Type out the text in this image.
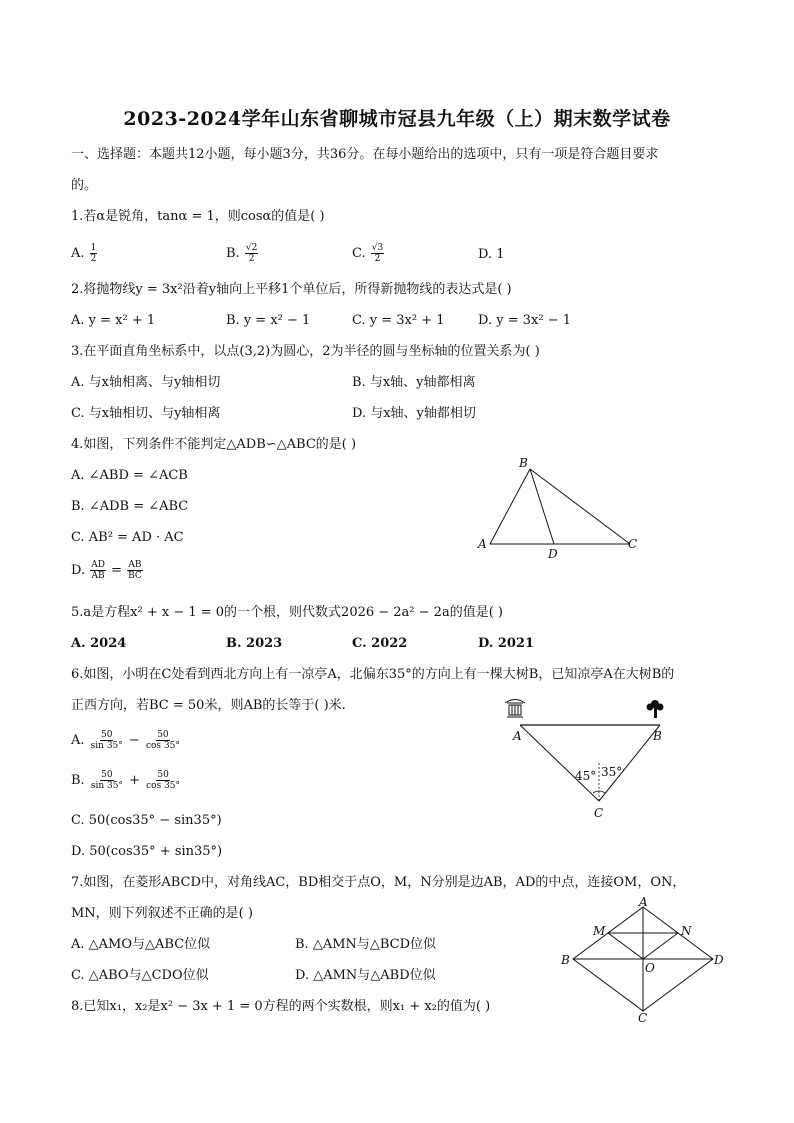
2023-2024学年山东省聊城市冠县九年级（上）期末数学试卷
一、选择题：本题共12小题，每小题3分，共36分。在每小题给出的选项中，只有一项是符合题目要求
的。
1.若α是锐角，tanα = 1，则cosα的值是( )
A. $\frac{1}{2}$	B. $\frac{√2}{2}$	C. $\frac{√3}{2}$	D. 1
2.将抛物线y = 3x²沿着y轴向上平移1个单位后，所得新抛物线的表达式是( )
A. y = x² + 1	B. y = x² − 1	C. y = 3x² + 1	D. y = 3x² − 1
3.在平面直角坐标系中，以点(3,2)为圆心，2为半径的圆与坐标轴的位置关系为( )
A. 与x轴相离、与y轴相切	B. 与x轴、y轴都相离
C. 与x轴相切、与y轴相离	D. 与x轴、y轴都相切
4.如图，下列条件不能判定△ADB∽△ABC的是( )
A. ∠ABD = ∠ACB
B. ∠ADB = ∠ABC
C. AB² = AD · AC
D. $\frac{AD}{AB} = \frac{AB}{BC}$
B
A
D
C
5.a是方程x² + x − 1 = 0的一个根，则代数式2026 − 2a² − 2a的值是( )
A. 2024	B. 2023	C. 2022	D. 2021
6.如图，小明在C处看到西北方向上有一凉亭A，北偏东35°的方向上有一棵大树B，已知凉亭A在大树B的
正西方向，若BC = 50米，则AB的长等于( )米.
A. $\frac{50}{\sin 35^\circ} - \frac{50}{\cos 35^\circ}$
B. $\frac{50}{\sin 35^\circ} + \frac{50}{\cos 35^\circ}$
C. 50(cos35° − sin35°)
D. 50(cos35° + sin35°)
A	B
C
45° 35°
7.如图，在菱形ABCD中，对角线AC，BD相交于点O，M，N分别是边AB，AD的中点，连接OM，ON，
MN，则下列叙述不正确的是( )
A. △AMO与△ABC位似	B. △AMN与△BCD位似
C. △ABO与△CDO位似	D. △AMN与△ABD位似
A
B
C
D
M	N
O
8.已知x₁，x₂是x² − 3x + 1 = 0方程的两个实数根，则x₁ + x₂的值为( )
